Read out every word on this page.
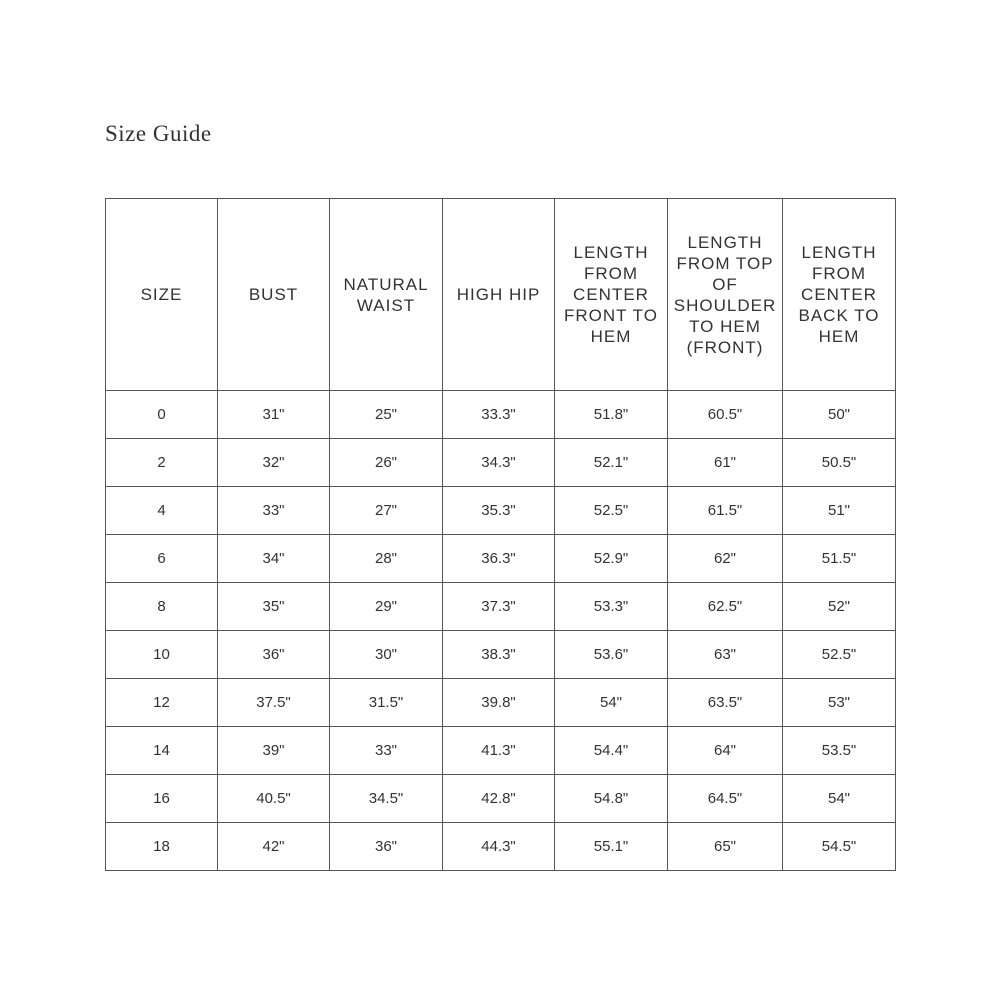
Size Guide
SIZE	BUST	NATURAL WAIST	HIGH HIP	LENGTH FROM CENTER FRONT TO HEM	LENGTH FROM TOP OF SHOULDER TO HEM (FRONT)	LENGTH FROM CENTER BACK TO HEM
0	31"	25"	33.3"	51.8"	60.5"	50"
2	32"	26"	34.3"	52.1"	61"	50.5"
4	33"	27"	35.3"	52.5"	61.5"	51"
6	34"	28"	36.3"	52.9"	62"	51.5"
8	35"	29"	37.3"	53.3"	62.5"	52"
10	36"	30"	38.3"	53.6"	63"	52.5"
12	37.5"	31.5"	39.8"	54"	63.5"	53"
14	39"	33"	41.3"	54.4"	64"	53.5"
16	40.5"	34.5"	42.8"	54.8"	64.5"	54"
18	42"	36"	44.3"	55.1"	65"	54.5"
